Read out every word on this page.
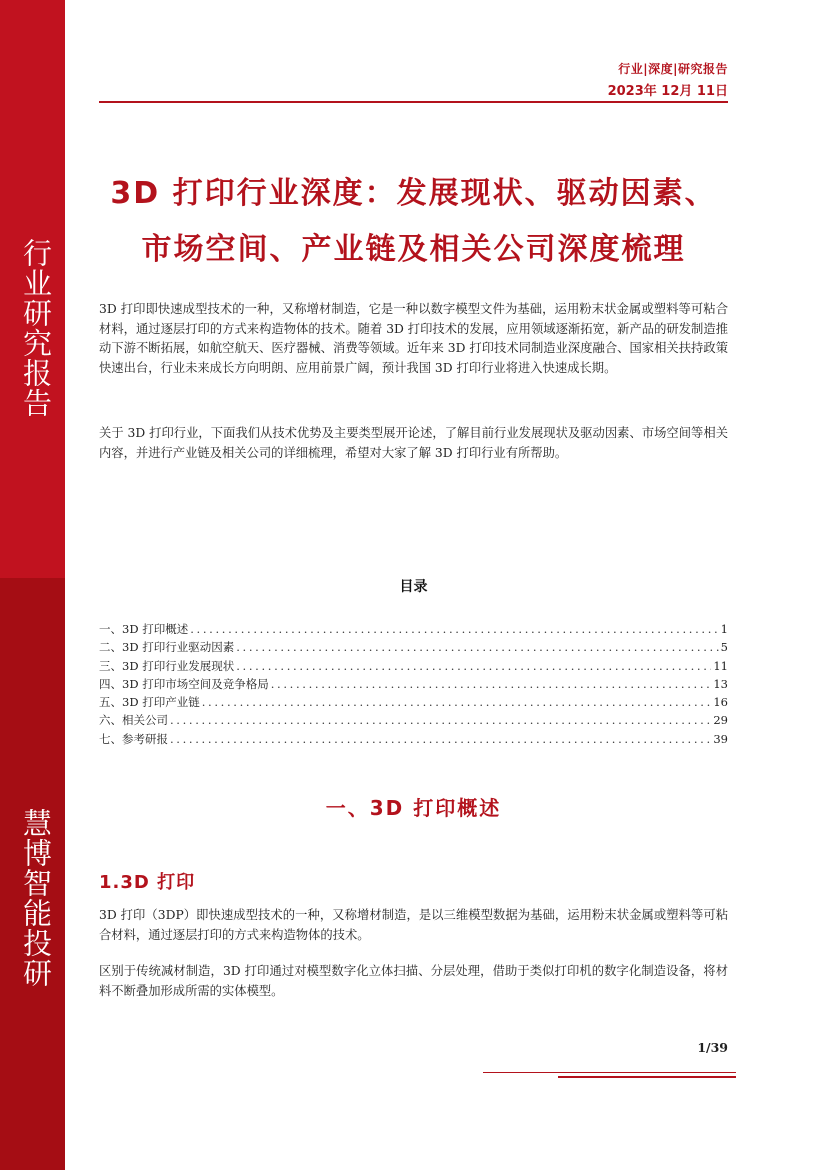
行业研究报告
慧博智能投研
行业|深度|研究报告
2023年 12月 11日
3D 打印行业深度：发展现状、驱动因素、市场空间、产业链及相关公司深度梳理
3D 打印即快速成型技术的一种，又称增材制造，它是一种以数字模型文件为基础，运用粉末状金属或塑料等可粘合材料，通过逐层打印的方式来构造物体的技术。随着 3D 打印技术的发展，应用领域逐渐拓宽，新产品的研发制造推动下游不断拓展，如航空航天、医疗器械、消费等领域。近年来 3D 打印技术同制造业深度融合、国家相关扶持政策快速出台，行业未来成长方向明朗、应用前景广阔，预计我国 3D 打印行业将进入快速成长期。
关于 3D 打印行业，下面我们从技术优势及主要类型展开论述，了解目前行业发展现状及驱动因素、市场空间等相关内容，并进行产业链及相关公司的详细梳理，希望对大家了解 3D 打印行业有所帮助。
目录
一、3D 打印概述 . . .	1
二、3D 打印行业驱动因素 . . .	5
三、3D 打印行业发展现状 . . .	11
四、3D 打印市场空间及竞争格局 . . .	13
五、3D 打印产业链 . . .	16
六、相关公司 . . .	29
七、参考研报 . . .	39
一、3D 打印概述
1.3D 打印
3D 打印（3DP）即快速成型技术的一种，又称增材制造，是以三维模型数据为基础，运用粉末状金属或塑料等可粘合材料，通过逐层打印的方式来构造物体的技术。
区别于传统减材制造，3D 打印通过对模型数字化立体扫描、分层处理，借助于类似打印机的数字化制造设备，将材料不断叠加形成所需的实体模型。
1/39
